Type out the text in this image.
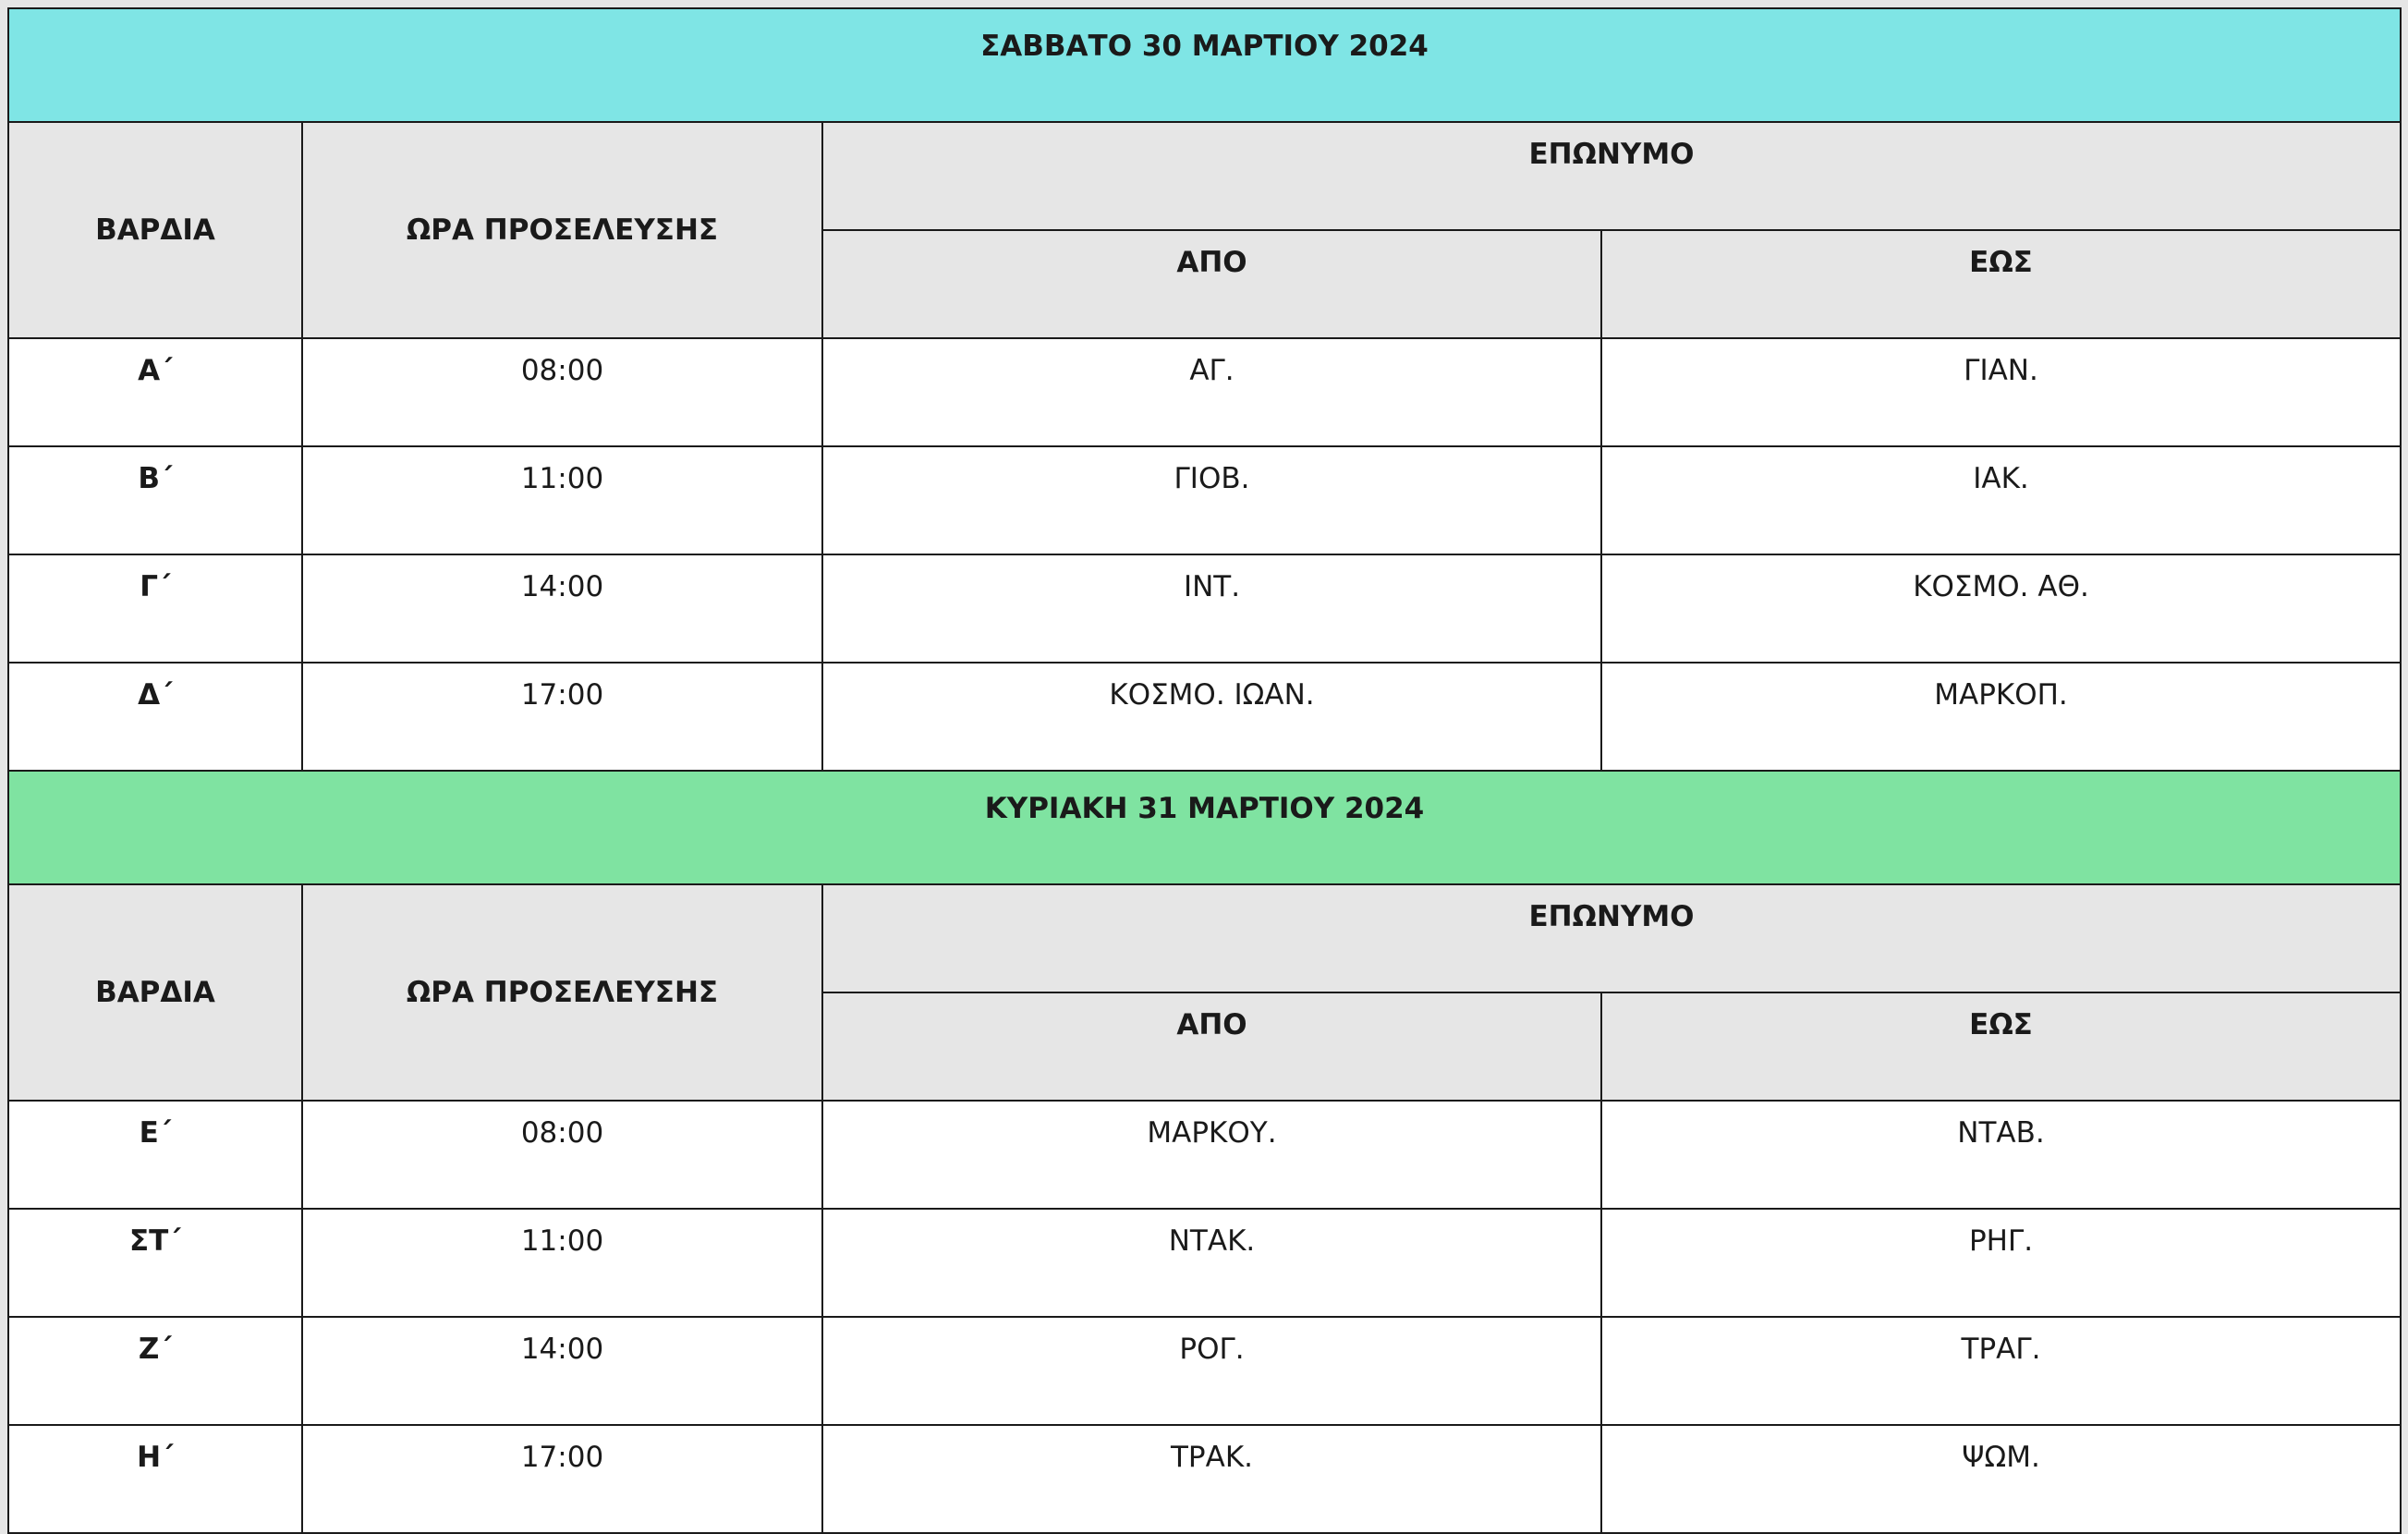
ΣΑΒΒΑΤΟ 30 ΜΑΡΤΙΟΥ 2024			
ΒΑΡΔΙΑ	ΩΡΑ ΠΡΟΣΕΛΕΥΣΗΣ	ΕΠΩΝΥΜΟ	
		ΑΠΟ	ΕΩΣ
Α΄	08:00	ΑΓ.	ΓΙΑΝ.
Β΄	11:00	ΓΙΟΒ.	ΙΑΚ.
Γ΄	14:00	ΙΝΤ.	ΚΟΣΜΟ. ΑΘ.
Δ΄	17:00	ΚΟΣΜΟ. ΙΩΑΝ.	ΜΑΡΚΟΠ.
ΚΥΡΙΑΚΗ 31 ΜΑΡΤΙΟΥ 2024			
ΒΑΡΔΙΑ	ΩΡΑ ΠΡΟΣΕΛΕΥΣΗΣ	ΕΠΩΝΥΜΟ	
		ΑΠΟ	ΕΩΣ
Ε΄	08:00	ΜΑΡΚΟΥ.	ΝΤΑΒ.
ΣΤ΄	11:00	ΝΤΑΚ.	ΡΗΓ.
Ζ΄	14:00	ΡΟΓ.	ΤΡΑΓ.
Η΄	17:00	ΤΡΑΚ.	ΨΩΜ.
